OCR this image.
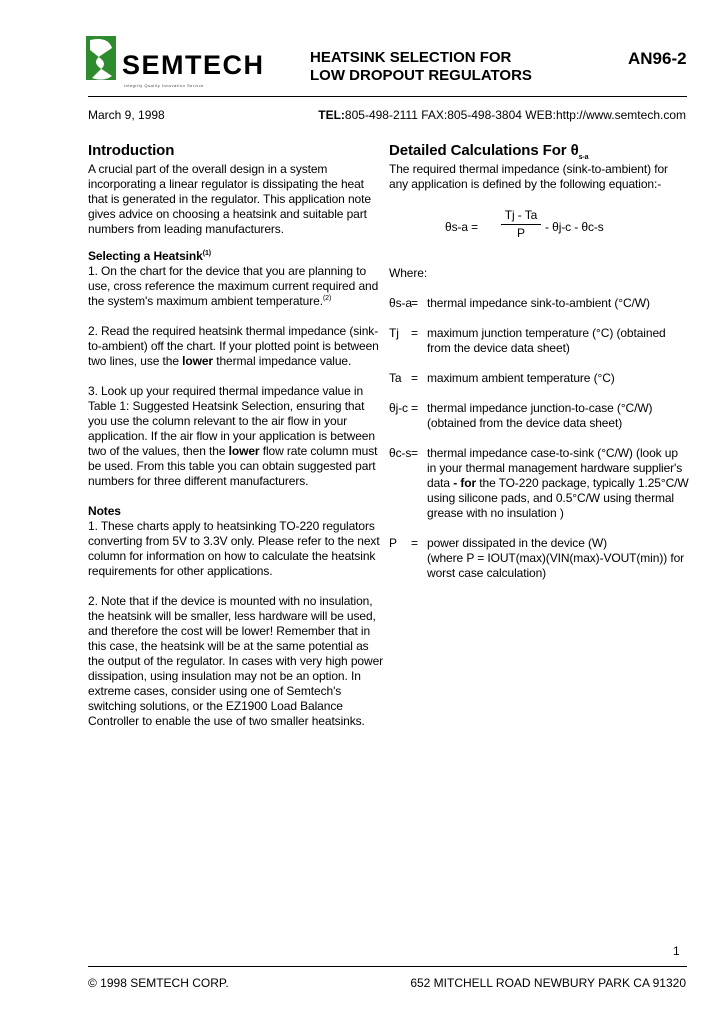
SEMTECH
Integrity Quality Innovation Service
HEATSINK SELECTION FOR
LOW DROPOUT REGULATORS
AN96-2
March 9, 1998	TEL:805-498-2111 FAX:805-498-3804 WEB:http://www.semtech.com
Introduction

A crucial part of the overall design in a system incorporating a linear regulator is dissipating the heat that is generated in the regulator. This application note gives advice on choosing a heatsink and suitable part numbers from leading manufacturers.

Selecting a Heatsink$^{(1)}$

1. On the chart for the device that you are planning to use, cross reference the maximum current required and the system's maximum ambient temperature.$^{(2)}$

2. Read the required heatsink thermal impedance (sink-to-ambient) off the chart. If your plotted point is between two lines, use the lower thermal impedance value.

3. Look up your required thermal impedance value in Table 1: Suggested Heatsink Selection, ensuring that you use the column relevant to the air flow in your application. If the air flow in your application is between two of the values, then the lower flow rate column must be used. From this table you can obtain suggested part numbers for three different manufacturers.

Notes

1. These charts apply to heatsinking TO-220 regulators converting from 5V to 3.3V only. Please refer to the next column for information on how to calculate the heatsink requirements for other applications.

2. Note that if the device is mounted with no insulation, the heatsink will be smaller, less hardware will be used, and therefore the cost will be lower! Remember that in this case, the heatsink will be at the same potential as the output of the regulator. In cases with very high power dissipation, using insulation may not be an option. In extreme cases, consider using one of Semtech's switching solutions, or the EZ1900 Load Balance Controller to enable the use of two smaller heatsinks.

Detailed Calculations For $\theta_{s-a}$

The required thermal impedance (sink-to-ambient) for any application is defined by the following equation:-

$\theta s-a = \frac{Tj - Ta}{P} - \theta j-c - \theta c-s$

Where:

θs-a = thermal impedance sink-to-ambient (°C/W)
Tj = maximum junction temperature (°C) (obtained from the device data sheet)
Ta = maximum ambient temperature (°C)
θj-c = thermal impedance junction-to-case (°C/W) (obtained from the device data sheet)
θc-s = thermal impedance case-to-sink (°C/W) (look up in your thermal management hardware supplier's data - for the TO-220 package, typically 1.25°C/W using silicone pads, and 0.5°C/W using thermal grease with no insulation )
P = power dissipated in the device (W)
(where P = IOUT(max)(VIN(max)-VOUT(min)) for worst case calculation)
1
© 1998 SEMTECH CORP.	652 MITCHELL ROAD NEWBURY PARK CA 91320
